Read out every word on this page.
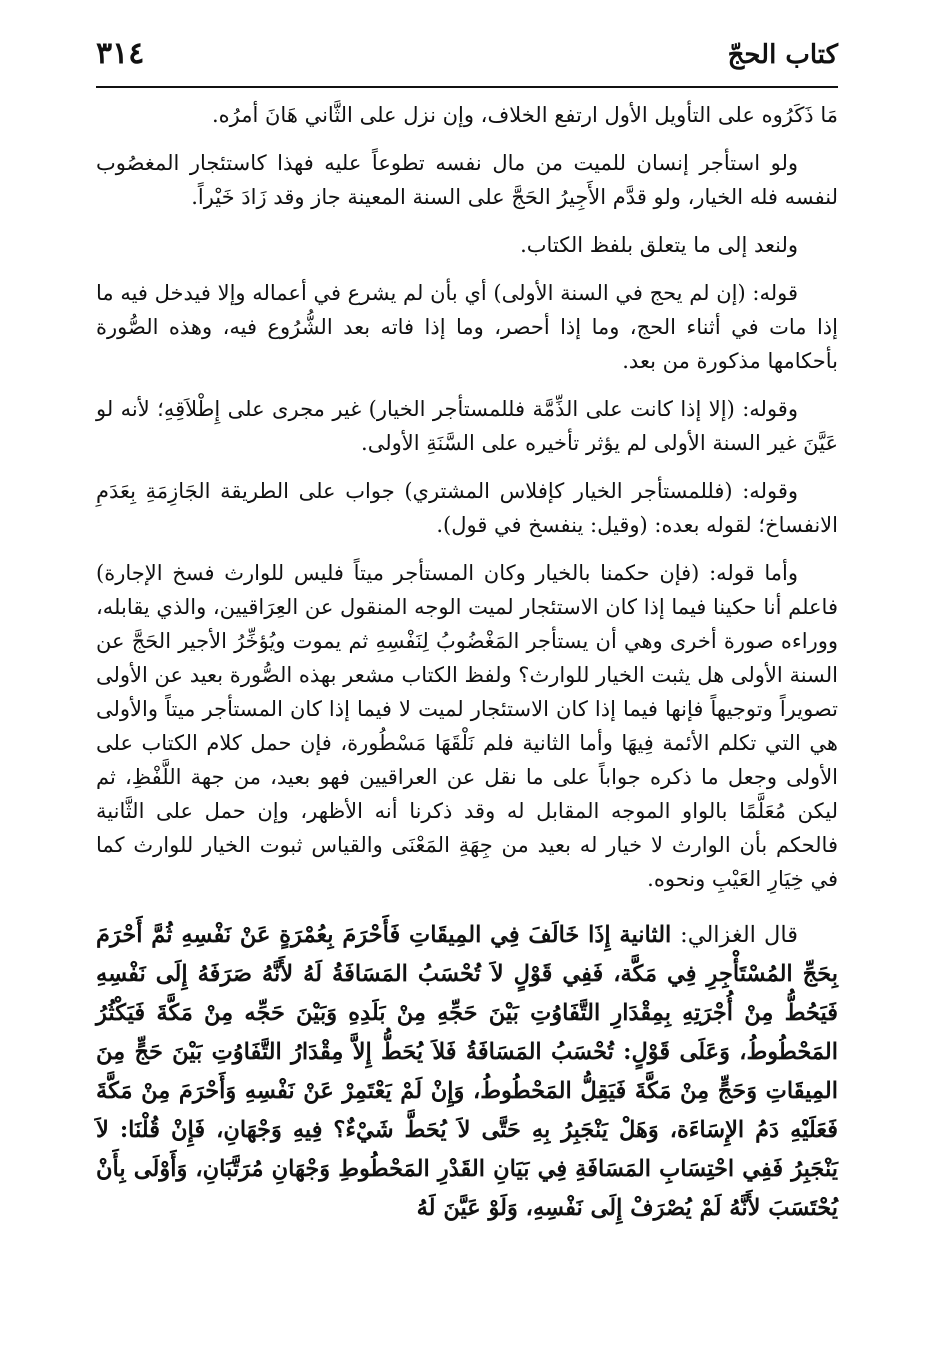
كتاب الحجّ
٣١٤

مَا ذَكَرُوه على التأويل الأول ارتفع الخلاف، وإن نزل على الثَّاني هَانَ أمرُه.

ولو استأجر إنسان للميت من مال نفسه تطوعاً عليه فهذا كاستئجار المغصُوب لنفسه فله الخيار، ولو قدَّم الأَجِيرُ الحَجَّ على السنة المعينة جاز وقد زَادَ خَيْراً.

ولنعد إلى ما يتعلق بلفظ الكتاب.

قوله: (إن لم يحج في السنة الأولى) أي بأن لم يشرع في أعماله وإلا فيدخل فيه ما إذا مات في أثناء الحج، وما إذا أحصر، وما إذا فاته بعد الشُّرُوع فيه، وهذه الصُّورة بأحكامها مذكورة من بعد.

وقوله: (إلا إذا كانت على الذِّمَّة فللمستأجر الخيار) غير مجرى على إِطْلاَقِهِ؛ لأنه لو عَيَّنَ غير السنة الأولى لم يؤثر تأخيره على السَّنَةِ الأولى.

وقوله: (فللمستأجر الخيار كإفلاس المشتري) جواب على الطريقة الجَازِمَةِ بِعَدَمِ الانفساخ؛ لقوله بعده: (وقيل: ينفسخ في قول).

وأما قوله: (فإن حكمنا بالخيار وكان المستأجر ميتاً فليس للوارث فسخ الإجارة) فاعلم أنا حكينا فيما إذا كان الاستئجار لميت الوجه المنقول عن العِرَاقيين، والذي يقابله، ووراءه صورة أخرى وهي أن يستأجر المَغْضُوبُ لِنَفْسِهِ ثم يموت ويُؤخِّرُ الأجير الحَجَّ عن السنة الأولى هل يثبت الخيار للوارث؟ ولفظ الكتاب مشعر بهذه الصُّورة بعيد عن الأولى تصويراً وتوجيهاً فإنها فيما إذا كان الاستئجار لميت لا فيما إذا كان المستأجر ميتاً والأولى هي التي تكلم الأئمة فِيهَا وأما الثانية فلم نَلْقَهَا مَسْطُورة، فإن حمل كلام الكتاب على الأولى وجعل ما ذكره جواباً على ما نقل عن العراقيين فهو بعيد، من جهة اللَّفْظِ، ثم ليكن مُعَلَّمًا بالواو الموجه المقابل له وقد ذكرنا أنه الأظهر، وإن حمل على الثَّانية فالحكم بأن الوارث لا خيار له بعيد من جِهَةِ المَعْنَى والقياس ثبوت الخيار للوارث كما في خِيَارِ العَيْبِ ونحوه.

قال الغزالي: الثانية إِذَا خَالَفَ فِي المِيقَاتِ فَأَحْرَمَ بِعُمْرَةٍ عَنْ نَفْسِهِ ثُمَّ أَحْرَمَ بِحَجِّ المُسْتَأْجِرِ فِي مَكَّة، فَفِي قَوْلٍ لاَ تُحْسَبُ المَسَافَةُ لَهُ لأَنَّهُ صَرَفَهُ إِلَى نَفْسِهِ فَيَحُطُّ مِنْ أُجْرَتِهِ بِمِقْدَارِ التَّفَاوُتِ بَيْنَ حَجِّهِ مِنْ بَلَدِهِ وَبَيْنَ حَجِّه مِنْ مَكَّةَ فَيَكْثُرُ المَحْطُوطُ، وَعَلَى قَوْلٍ: تُحْسَبُ المَسَافَةُ فَلاَ يُحَطُّ إِلاَّ مِقْدَارُ التَّفَاوُتِ بَيْنَ حَجٍّ مِنَ المِيقَاتِ وَحَجٍّ مِنْ مَكَّةَ فَيَقِلُّ المَحْطُوطُ، وَإِنْ لَمْ يَعْتَمِرْ عَنْ نَفْسِهِ وَأَحْرَمَ مِنْ مَكَّةَ فَعَلَيْهِ دَمُ الإِسَاءَة، وَهَلْ يَنْجَبِرُ بِهِ حَتَّى لاَ يُحَطَّ شَيْءٌ؟ فِيهِ وَجْهَانِ، فَإِنْ قُلْنَا: لاَ يَنْجَبِرُ فَفِي احْتِسَابِ المَسَافَةِ فِي بَيَانِ القَدْرِ المَحْطُوطِ وَجْهَانِ مُرَتَّبَانِ، وَأَوْلَى بِأَنْ يُحْتَسَبَ لأَنَّهُ لَمْ يُصْرَفْ إِلَى نَفْسِهِ، وَلَوْ عَيَّنَ لَهُ
